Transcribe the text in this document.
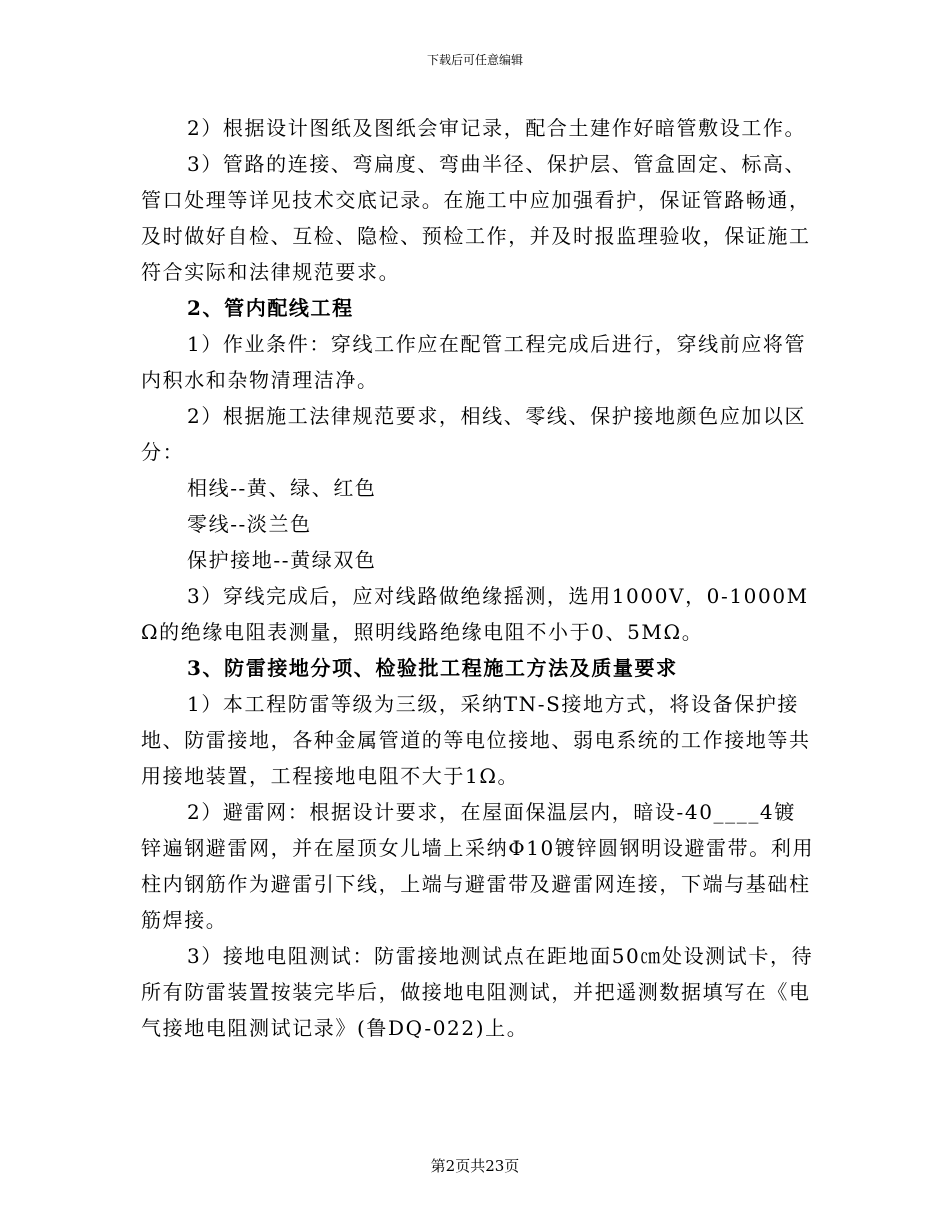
下载后可任意编辑

2）根据设计图纸及图纸会审记录，配合土建作好暗管敷设工作。

3）管路的连接、弯扁度、弯曲半径、保护层、管盒固定、标高、管口处理等详见技术交底记录。在施工中应加强看护，保证管路畅通，及时做好自检、互检、隐检、预检工作，并及时报监理验收，保证施工符合实际和法律规范要求。

2、管内配线工程

1）作业条件：穿线工作应在配管工程完成后进行，穿线前应将管内积水和杂物清理洁净。

2）根据施工法律规范要求，相线、零线、保护接地颜色应加以区分：

相线--黄、绿、红色

零线--淡兰色

保护接地--黄绿双色

3）穿线完成后，应对线路做绝缘摇测，选用1000V，0-1000MΩ的绝缘电阻表测量，照明线路绝缘电阻不小于0、5MΩ。

3、防雷接地分项、检验批工程施工方法及质量要求

1）本工程防雷等级为三级，采纳TN-S接地方式，将设备保护接地、防雷接地，各种金属管道的等电位接地、弱电系统的工作接地等共用接地装置，工程接地电阻不大于1Ω。

2）避雷网：根据设计要求，在屋面保温层内，暗设-40____4镀锌遍钢避雷网，并在屋顶女儿墙上采纳Φ10镀锌圆钢明设避雷带。利用柱内钢筋作为避雷引下线，上端与避雷带及避雷网连接，下端与基础柱筋焊接。

3）接地电阻测试：防雷接地测试点在距地面50㎝处设测试卡，待所有防雷装置按装完毕后，做接地电阻测试，并把遥测数据填写在《电气接地电阻测试记录》(鲁DQ-022)上。

第2页共23页
